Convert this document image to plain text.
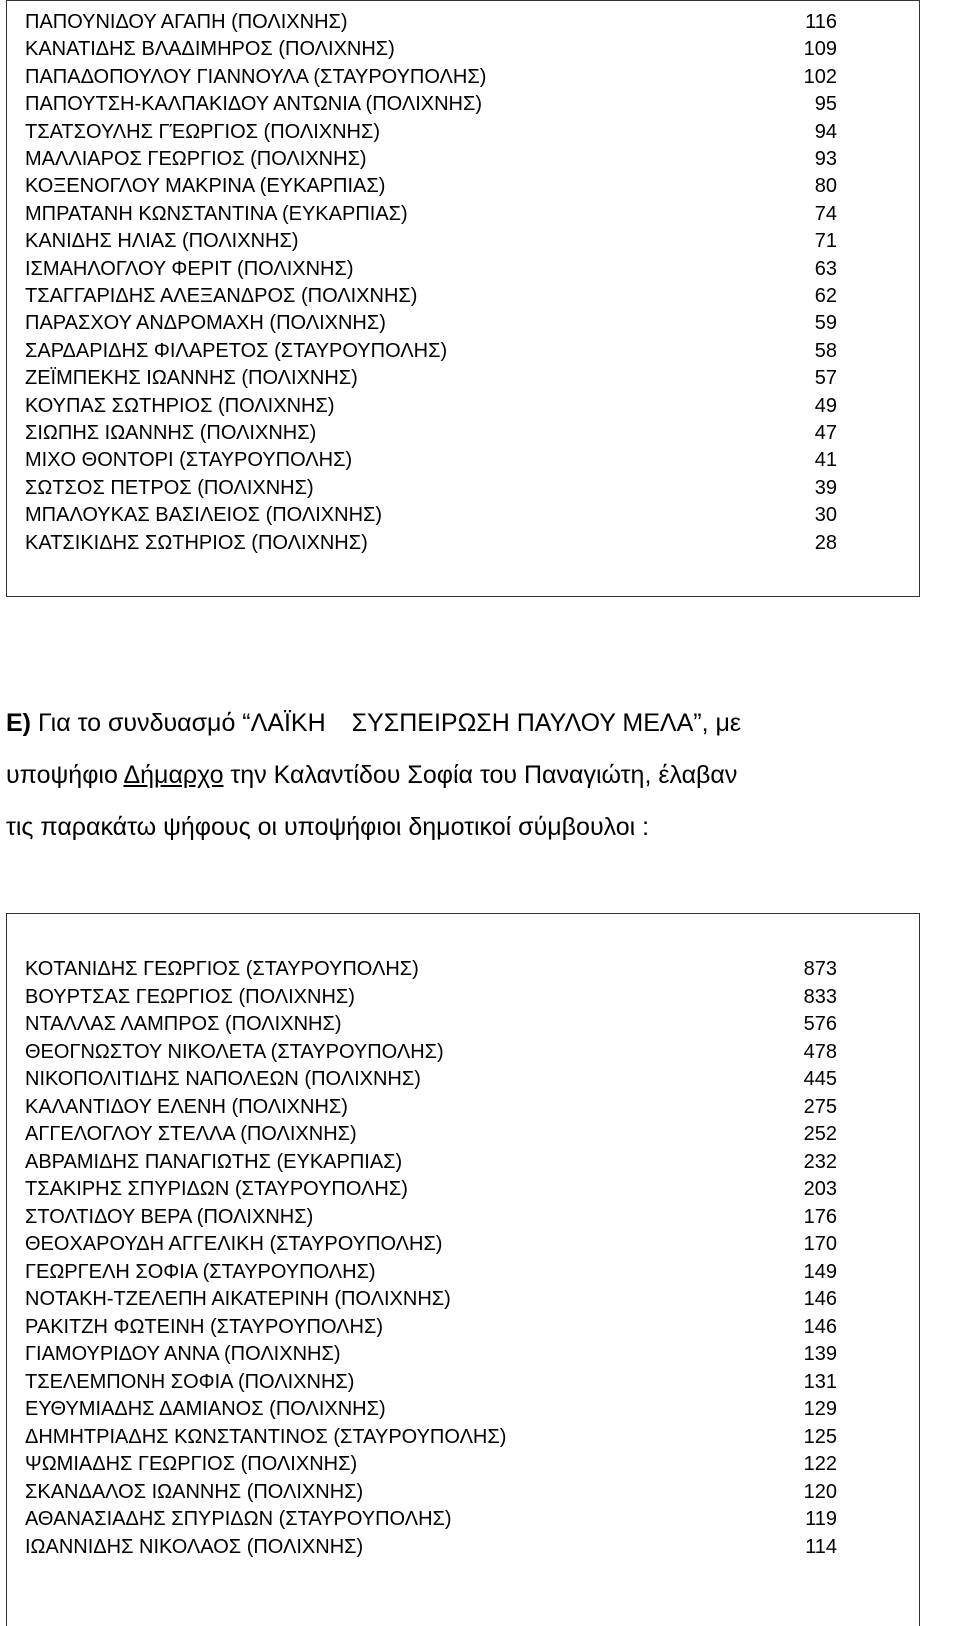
ΠΑΠΟΥΝΙΔΟΥ ΑΓΑΠΗ (ΠΟΛΙΧΝΗΣ)	116
ΚΑΝΑΤΙΔΗΣ ΒΛΑΔΙΜΗΡΟΣ (ΠΟΛΙΧΝΗΣ)	109
ΠΑΠΑΔΟΠΟΥΛΟΥ ΓΙΑΝΝΟΥΛΑ (ΣΤΑΥΡΟΥΠΟΛΗΣ)	102
ΠΑΠΟΥΤΣΗ-ΚΑΛΠΑΚΙΔΟΥ ΑΝΤΩΝΙΑ (ΠΟΛΙΧΝΗΣ)	95
ΤΣΑΤΣΟΥΛΗΣ ΓΈΩΡΓΙΟΣ (ΠΟΛΙΧΝΗΣ)	94
ΜΑΛΛΙΑΡΟΣ ΓΕΩΡΓΙΟΣ (ΠΟΛΙΧΝΗΣ)	93
ΚΟΞΕΝΟΓΛΟΥ ΜΑΚΡΙΝΑ (ΕΥΚΑΡΠΙΑΣ)	80
ΜΠΡΑΤΑΝΗ ΚΩΝΣΤΑΝΤΙΝΑ (ΕΥΚΑΡΠΙΑΣ)	74
ΚΑΝΙΔΗΣ ΗΛΙΑΣ (ΠΟΛΙΧΝΗΣ)	71
ΙΣΜΑΗΛΟΓΛΟΥ ΦΕΡΙΤ (ΠΟΛΙΧΝΗΣ)	63
ΤΣΑΓΓΑΡΙΔΗΣ ΑΛΕΞΑΝΔΡΟΣ (ΠΟΛΙΧΝΗΣ)	62
ΠΑΡΑΣΧΟΥ ΑΝΔΡΟΜΑΧΗ (ΠΟΛΙΧΝΗΣ)	59
ΣΑΡΔΑΡΙΔΗΣ ΦΙΛΑΡΕΤΟΣ (ΣΤΑΥΡΟΥΠΟΛΗΣ)	58
ΖΕΪΜΠΕΚΗΣ ΙΩΑΝΝΗΣ (ΠΟΛΙΧΝΗΣ)	57
ΚΟΥΠΑΣ ΣΩΤΗΡΙΟΣ (ΠΟΛΙΧΝΗΣ)	49
ΣΙΩΠΗΣ ΙΩΑΝΝΗΣ (ΠΟΛΙΧΝΗΣ)	47
ΜΙΧΟ ΘΟΝΤΟΡΙ (ΣΤΑΥΡΟΥΠΟΛΗΣ)	41
ΣΩΤΣΟΣ ΠΕΤΡΟΣ (ΠΟΛΙΧΝΗΣ)	39
ΜΠΑΛΟΥΚΑΣ ΒΑΣΙΛΕΙΟΣ (ΠΟΛΙΧΝΗΣ)	30
ΚΑΤΣΙΚΙΔΗΣ ΣΩΤΗΡΙΟΣ (ΠΟΛΙΧΝΗΣ)	28
Ε) Για το συνδυασμό “ΛΑΪΚΗ ΣΥΣΠΕΙΡΩΣΗ ΠΑΥΛΟΥ ΜΕΛΑ”, με
υποψήφιο Δήμαρχο την Καλαντίδου Σοφία του Παναγιώτη, έλαβαν
τις παρακάτω ψήφους οι υποψήφιοι δημοτικοί σύμβουλοι :
ΚΟΤΑΝΙΔΗΣ ΓΕΩΡΓΙΟΣ (ΣΤΑΥΡΟΥΠΟΛΗΣ)	873
ΒΟΥΡΤΣΑΣ ΓΕΩΡΓΙΟΣ (ΠΟΛΙΧΝΗΣ)	833
ΝΤΑΛΛΑΣ ΛΑΜΠΡΟΣ (ΠΟΛΙΧΝΗΣ)	576
ΘΕΟΓΝΩΣΤΟΥ ΝΙΚΟΛΕΤΑ (ΣΤΑΥΡΟΥΠΟΛΗΣ)	478
ΝΙΚΟΠΟΛΙΤΙΔΗΣ ΝΑΠΟΛΕΩΝ (ΠΟΛΙΧΝΗΣ)	445
ΚΑΛΑΝΤΙΔΟΥ ΕΛΕΝΗ (ΠΟΛΙΧΝΗΣ)	275
ΑΓΓΕΛΟΓΛΟΥ ΣΤΕΛΛΑ (ΠΟΛΙΧΝΗΣ)	252
ΑΒΡΑΜΙΔΗΣ ΠΑΝΑΓΙΩΤΗΣ (ΕΥΚΑΡΠΙΑΣ)	232
ΤΣΑΚΙΡΗΣ ΣΠΥΡΙΔΩΝ (ΣΤΑΥΡΟΥΠΟΛΗΣ)	203
ΣΤΟΛΤΙΔΟΥ ΒΕΡΑ (ΠΟΛΙΧΝΗΣ)	176
ΘΕΟΧΑΡΟΥΔΗ ΑΓΓΕΛΙΚΗ (ΣΤΑΥΡΟΥΠΟΛΗΣ)	170
ΓΕΩΡΓΕΛΗ ΣΟΦΙΑ (ΣΤΑΥΡΟΥΠΟΛΗΣ)	149
ΝΟΤΑΚΗ-ΤΖΕΛΕΠΗ ΑΙΚΑΤΕΡΙΝΗ (ΠΟΛΙΧΝΗΣ)	146
ΡΑΚΙΤΖΗ ΦΩΤΕΙΝΗ (ΣΤΑΥΡΟΥΠΟΛΗΣ)	146
ΓΙΑΜΟΥΡΙΔΟΥ ΑΝΝΑ (ΠΟΛΙΧΝΗΣ)	139
ΤΣΕΛΕΜΠΟΝΗ ΣΟΦΙΑ (ΠΟΛΙΧΝΗΣ)	131
ΕΥΘΥΜΙΑΔΗΣ ΔΑΜΙΑΝΟΣ (ΠΟΛΙΧΝΗΣ)	129
ΔΗΜΗΤΡΙΑΔΗΣ ΚΩΝΣΤΑΝΤΙΝΟΣ (ΣΤΑΥΡΟΥΠΟΛΗΣ)	125
ΨΩΜΙΑΔΗΣ ΓΕΩΡΓΙΟΣ (ΠΟΛΙΧΝΗΣ)	122
ΣΚΑΝΔΑΛΟΣ ΙΩΑΝΝΗΣ (ΠΟΛΙΧΝΗΣ)	120
ΑΘΑΝΑΣΙΑΔΗΣ ΣΠΥΡΙΔΩΝ (ΣΤΑΥΡΟΥΠΟΛΗΣ)	119
ΙΩΑΝΝΙΔΗΣ ΝΙΚΟΛΑΟΣ (ΠΟΛΙΧΝΗΣ)	114
